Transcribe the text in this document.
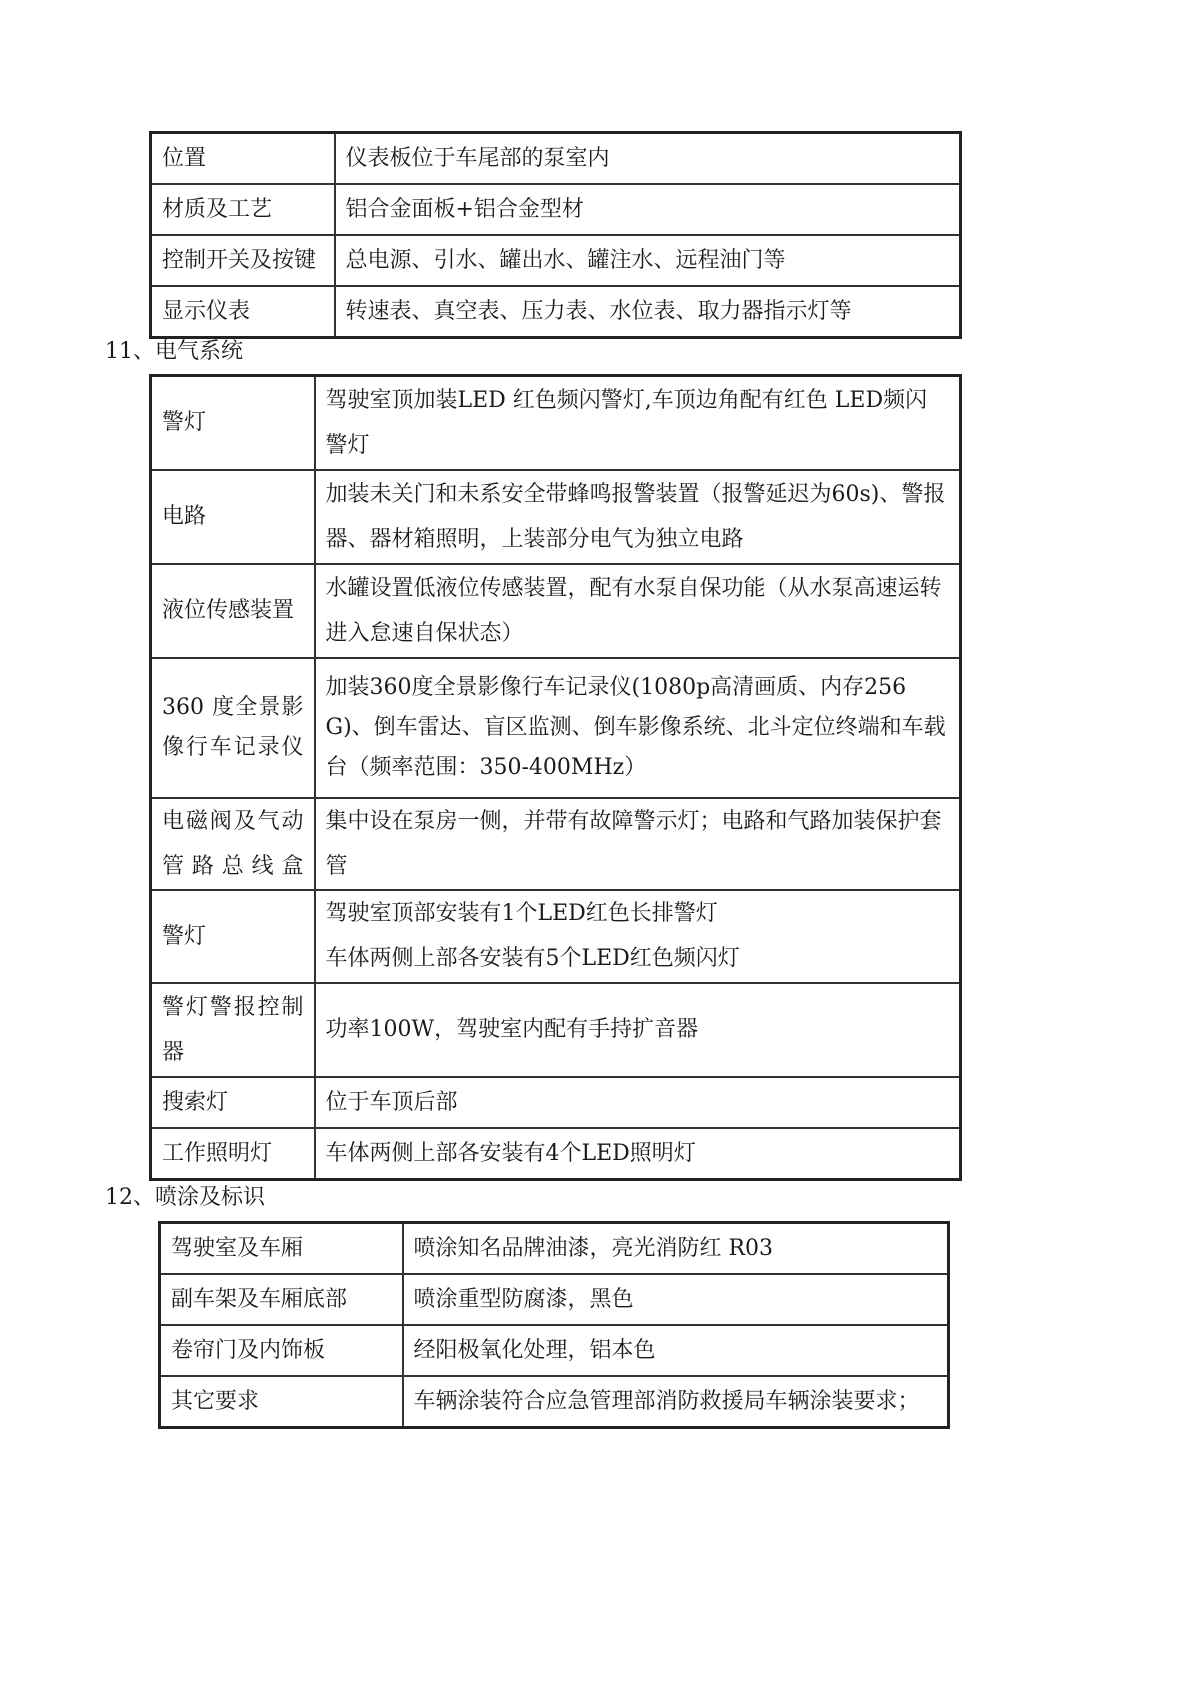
位置	仪表板位于车尾部的泵室内
材质及工艺	铝合金面板+铝合金型材
控制开关及按键	总电源、引水、罐出水、罐注水、远程油门等
显示仪表	转速表、真空表、压力表、水位表、取力器指示灯等

11、电气系统

警灯	驾驶室顶加装LED 红色频闪警灯,车顶边角配有红色 LED频闪警灯
电路	加装未关门和未系安全带蜂鸣报警装置（报警延迟为60s)、警报器、器材箱照明，上装部分电气为独立电路
液位传感装置	水罐设置低液位传感装置，配有水泵自保功能（从水泵高速运转进入怠速自保状态）
360 度全景影像行车记录仪	加装360度全景影像行车记录仪(1080p高清画质、内存256G)、倒车雷达、盲区监测、倒车影像系统、北斗定位终端和车载台（频率范围：350-400MHz）
电磁阀及气动管路总线盒	集中设在泵房一侧，并带有故障警示灯；电路和气路加装保护套管
警灯	驾驶室顶部安装有1个LED红色长排警灯
车体两侧上部各安装有5个LED红色频闪灯

警灯警报控制器	功率100W，驾驶室内配有手持扩音器
搜索灯	位于车顶后部
工作照明灯	车体两侧上部各安装有4个LED照明灯

12、喷涂及标识

驾驶室及车厢	喷涂知名品牌油漆，亮光消防红 R03
副车架及车厢底部	喷涂重型防腐漆，黑色
卷帘门及内饰板	经阳极氧化处理，铝本色
其它要求	车辆涂装符合应急管理部消防救援局车辆涂装要求；
